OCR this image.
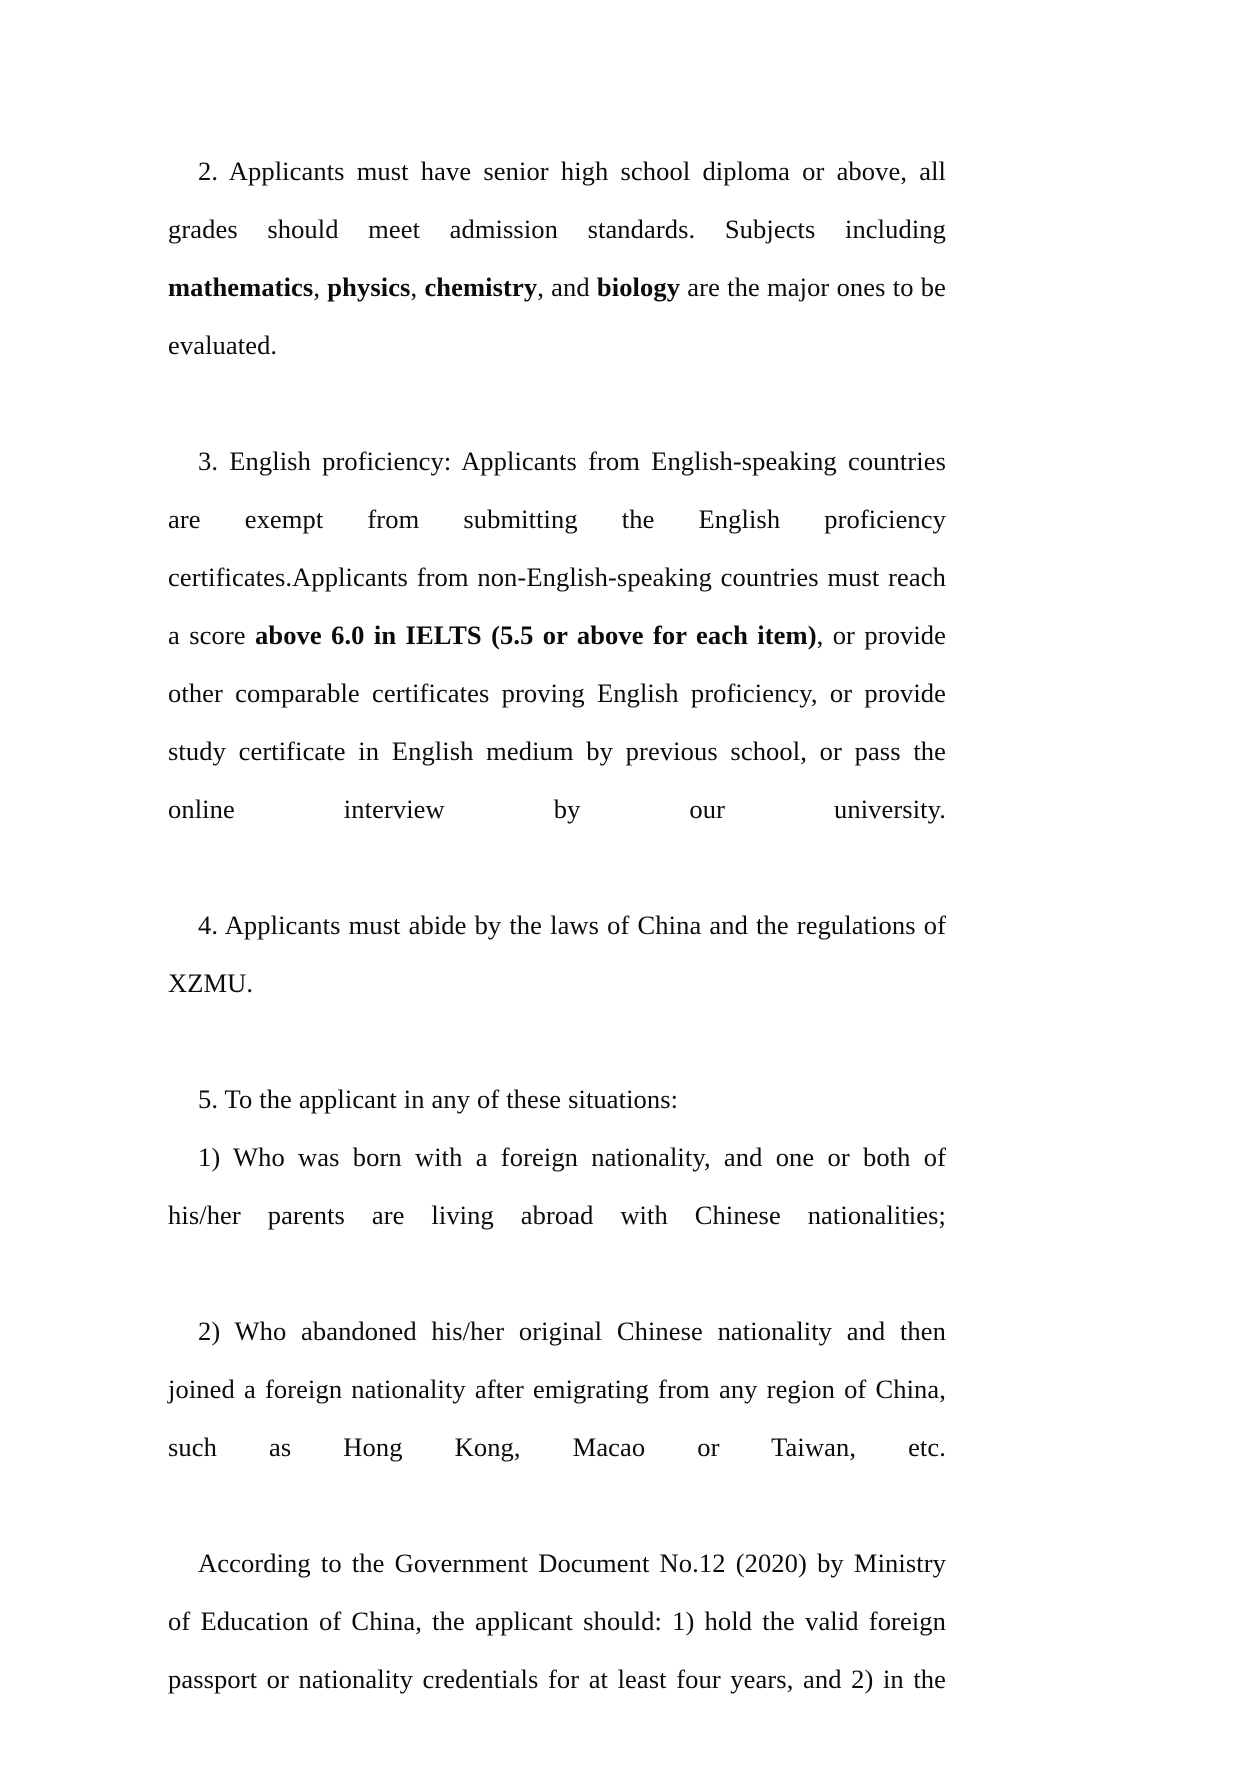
2. Applicants must have senior high school diploma or above, all grades should meet admission standards. Subjects including mathematics, physics, chemistry, and biology are the major ones to be evaluated.

3. English proficiency: Applicants from English-speaking countries are exempt from submitting the English proficiency certificates.Applicants from non-English-speaking countries must reach a score above 6.0 in IELTS (5.5 or above for each item), or provide other comparable certificates proving English proficiency, or provide study certificate in English medium by previous school, or pass the online interview by our university.

4. Applicants must abide by the laws of China and the regulations of XZMU.

5. To the applicant in any of these situations:

1) Who was born with a foreign nationality, and one or both of his/her parents are living abroad with Chinese nationalities;

2) Who abandoned his/her original Chinese nationality and then joined a foreign nationality after emigrating from any region of China, such as Hong Kong, Macao or Taiwan, etc.

According to the Government Document No.12 (2020) by Ministry of Education of China, the applicant should: 1) hold the valid foreign passport or nationality credentials for at least four years, and 2) in the
